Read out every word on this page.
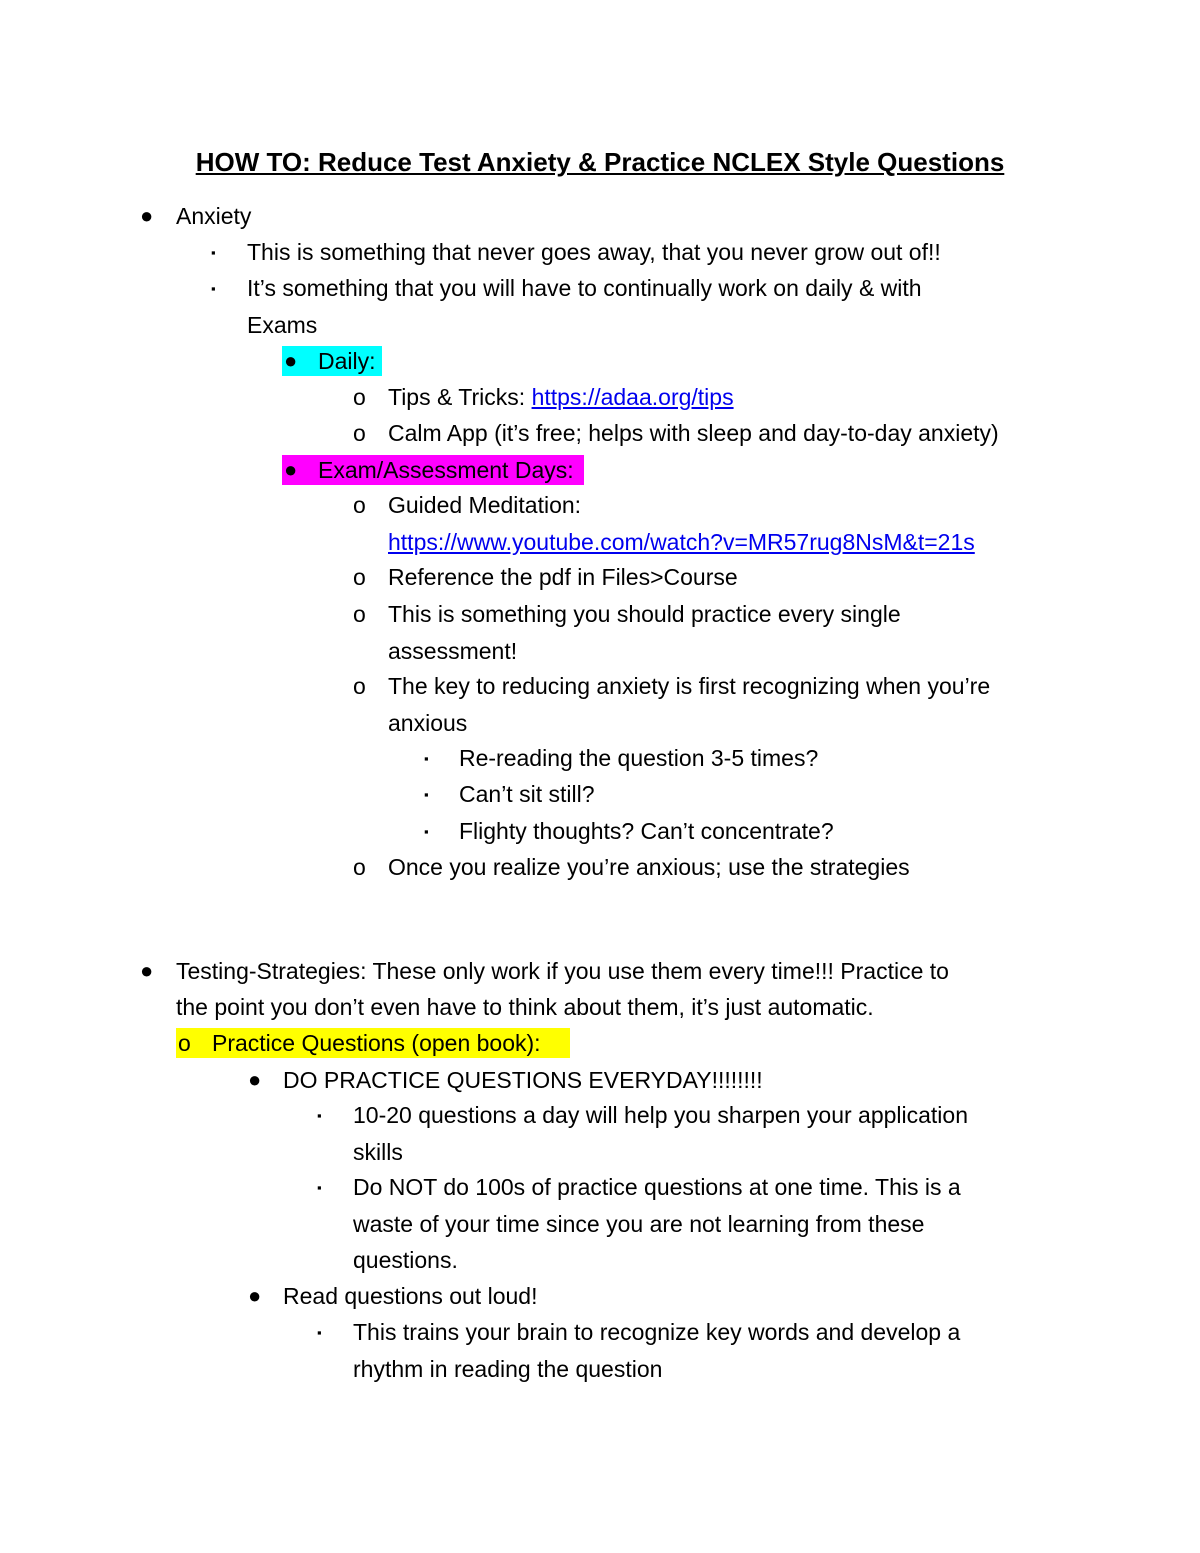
HOW TO: Reduce Test Anxiety & Practice NCLEX Style Questions
● Anxiety
▪ This is something that never goes away, that you never grow out of!!
▪ It’s something that you will have to continually work on daily & with
Exams
● Daily:
o Tips & Tricks: https://adaa.org/tips
o Calm App (it’s free; helps with sleep and day-to-day anxiety)
● Exam/Assessment Days:
o Guided Meditation:
https://www.youtube.com/watch?v=MR57rug8NsM&t=21s
o Reference the pdf in Files>Course
o This is something you should practice every single
assessment!
o The key to reducing anxiety is first recognizing when you’re
anxious
▪ Re-reading the question 3-5 times?
▪ Can’t sit still?
▪ Flighty thoughts? Can’t concentrate?
o Once you realize you’re anxious; use the strategies
● Testing-Strategies: These only work if you use them every time!!! Practice to
the point you don’t even have to think about them, it’s just automatic.
o Practice Questions (open book):
● DO PRACTICE QUESTIONS EVERYDAY!!!!!!!!
▪ 10-20 questions a day will help you sharpen your application
skills
▪ Do NOT do 100s of practice questions at one time. This is a
waste of your time since you are not learning from these
questions.
● Read questions out loud!
▪ This trains your brain to recognize key words and develop a
rhythm in reading the question
